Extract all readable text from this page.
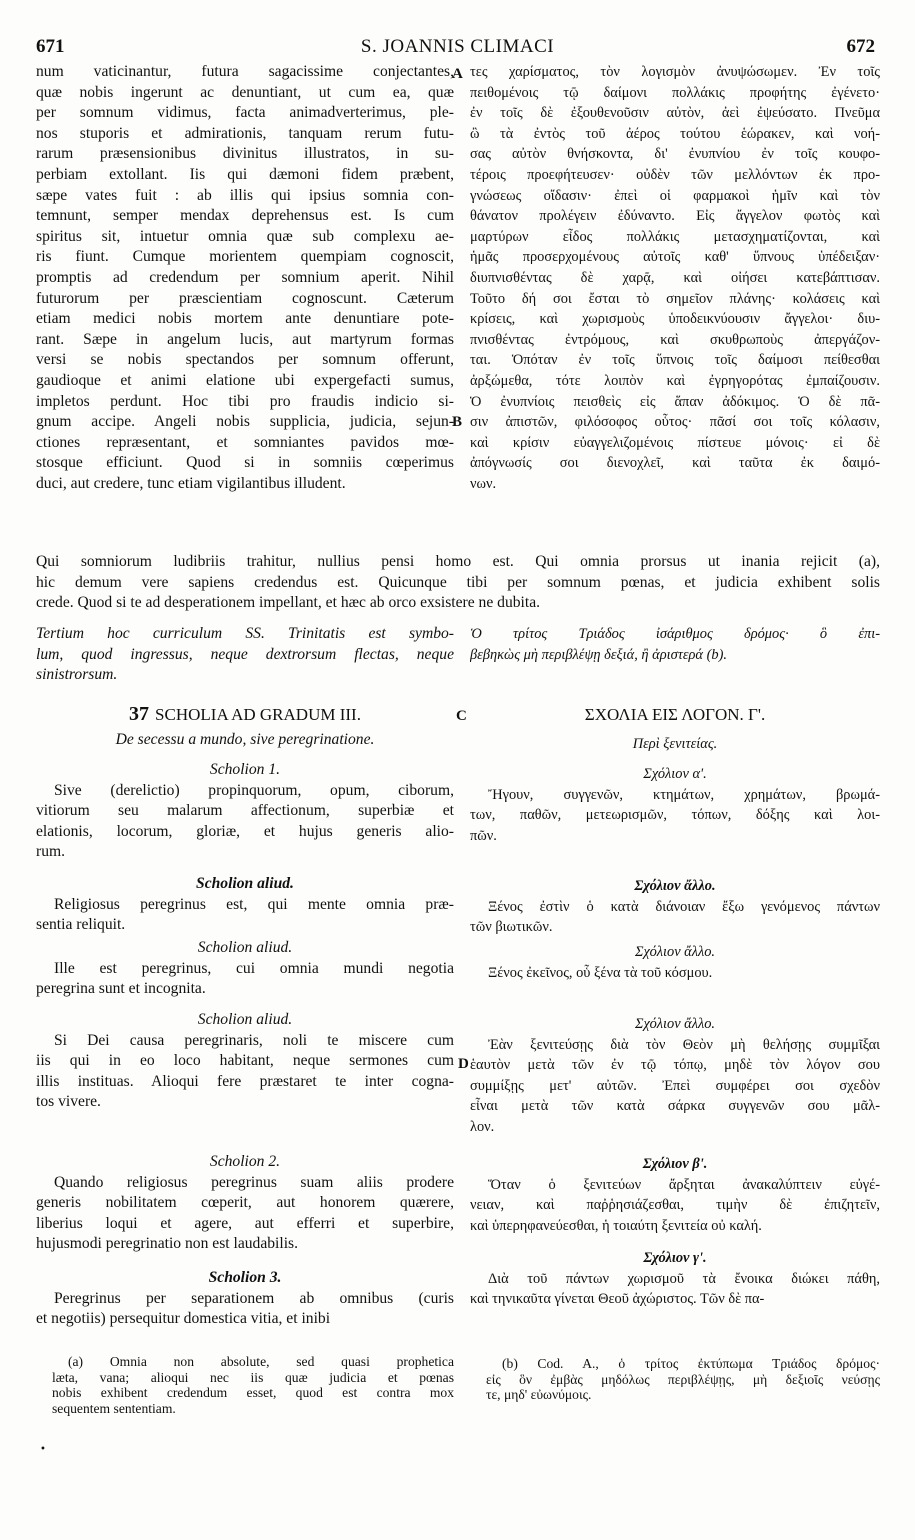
671	S. JOANNIS CLIMACI	672
num vaticinantur, futura sagacissime conjectantes,
quæ nobis ingerunt ac denuntiant, ut cum ea, quæ
per somnum vidimus, facta animadverterimus, ple-
nos stuporis et admirationis, tanquam rerum futu-
rarum præsensionibus divinitus illustratos, in su-
perbiam extollant. Iis qui dæmoni fidem præbent,
sæpe vates fuit : ab illis qui ipsius somnia con-
temnunt, semper mendax deprehensus est. Is cum
spiritus sit, intuetur omnia quæ sub complexu ae-
ris fiunt. Cumque morientem quempiam cognoscit,
promptis ad credendum per somnium aperit. Nihil
futurorum per præscientiam cognoscunt. Cæterum
etiam medici nobis mortem ante denuntiare pote-
rant. Sæpe in angelum lucis, aut martyrum formas
versi se nobis spectandos per somnum offerunt,
gaudioque et animi elatione ubi expergefacti sumus,
impletos perdunt. Hoc tibi pro fraudis indicio si-
gnum accipe. Angeli nobis supplicia, judicia, sejun-
ctiones repræsentant, et somniantes pavidos mœ-
stosque efficiunt. Quod si in somniis cœperimus
duci, aut credere, tunc etiam vigilantibus illudent.
τες χαρίσματος, τὸν λογισμὸν ἀνυψώσωμεν. Ἐν τοῖς
πειθομένοις τῷ δαίμονι πολλάκις προφήτης ἐγένετο·
ἐν τοῖς δὲ ἐξουθενοῦσιν αὐτὸν, ἀεὶ ἐψεύσατο. Πνεῦμα
ὢ τὰ ἐντὸς τοῦ ἀέρος τούτου ἑώρακεν, καὶ νοή-
σας αὐτὸν θνήσκοντα, δι' ἐνυπνίου ἐν τοῖς κουφο-
τέροις προεφήτευσεν· οὐδὲν τῶν μελλόντων ἐκ προ-
γνώσεως οἴδασιν· ἐπεὶ οἱ φαρμακοὶ ἡμῖν καὶ τὸν
θάνατον προλέγειν ἐδύναντο. Εἰς ἄγγελον φωτὸς καὶ
μαρτύρων εἶδος πολλάκις μετασχηματίζονται, καὶ
ἡμᾶς προσερχομένους αὐτοῖς καθ' ὕπνους ὑπέδειξαν·
διυπνισθέντας δὲ χαρᾷ, καὶ οἰήσει κατεβάπτισαν.
Τοῦτο δή σοι ἔσται τὸ σημεῖον πλάνης· κολάσεις καὶ
κρίσεις, καὶ χωρισμοὺς ὑποδεικνύουσιν ἄγγελοι· διυ-
πνισθέντας ἐντρόμους, καὶ σκυθρωποὺς ἀπεργάζον-
ται. Ὁπόταν ἐν τοῖς ὕπνοις τοῖς δαίμοσι πείθεσθαι
ἀρξώμεθα, τότε λοιπὸν καὶ ἐγρηγορότας ἐμπαίζουσιν.
Ὁ ἐνυπνίοις πεισθεὶς εἰς ἅπαν ἀδόκιμος. Ὁ δὲ πᾶ-
σιν ἀπιστῶν, φιλόσοφος οὗτος· πᾶσί σοι τοῖς κόλασιν,
καὶ κρίσιν εὐαγγελιζομένοις πίστευε μόνοις· εἰ δὲ
ἀπόγνωσίς σοι διενοχλεῖ, καὶ ταῦτα ἐκ δαιμό-
νων.
A
B
Qui somniorum ludibriis trahitur, nullius pensi homo est. Qui omnia prorsus ut inania rejicit (a),
hic demum vere sapiens credendus est. Quicunque tibi per somnum pœnas, et judicia exhibent solis
crede. Quod si te ad desperationem impellant, et hæc ab orco exsistere ne dubita.
Tertium hoc curriculum SS. Trinitatis est symbo-
lum, quod ingressus, neque dextrorsum flectas, neque
sinistrorsum.
Ὁ τρίτος Τριάδος ἰσάριθμος δρόμος· ὃ ἐπι-
βεβηκὼς μὴ περιβλέψῃ δεξιά, ἢ ἀριστερά (b).
37 SCHOLIA AD GRADUM III.	C	ΣΧΟΛΙΑ ΕΙΣ ΛΟΓΟΝ. Γ'.
De secessu a mundo, sive peregrinatione.	Περὶ ξενιτείας.
Scholion 1.
Sive (derelictio) propinquorum, opum, ciborum,
vitiorum seu malarum affectionum, superbiæ et
elationis, locorum, gloriæ, et hujus generis alio-
rum.
Scholion aliud.
Religiosus peregrinus est, qui mente omnia præ-
sentia reliquit.
Scholion aliud.
Ille est peregrinus, cui omnia mundi negotia
peregrina sunt et incognita.
Scholion aliud.
Si Dei causa peregrinaris, noli te miscere cum
iis qui in eo loco habitant, neque sermones cum
illis instituas. Alioqui fere præstaret te inter cogna-
tos vivere.
D
Scholion 2.
Quando religiosus peregrinus suam aliis prodere
generis nobilitatem cœperit, aut honorem quærere,
liberius loqui et agere, aut efferri et superbire,
hujusmodi peregrinatio non est laudabilis.
Scholion 3.
Peregrinus per separationem ab omnibus (curis
et negotiis) persequitur domestica vitia, et inibi
Σχόλιον α'.
Ἤγουν, συγγενῶν, κτημάτων, χρημάτων, βρωμά-
των, παθῶν, μετεωρισμῶν, τόπων, δόξης καὶ λοι-
πῶν.
Σχόλιον ἄλλο.
Ξένος ἐστὶν ὁ κατὰ διάνοιαν ἔξω γενόμενος πάντων
τῶν βιωτικῶν.
Σχόλιον ἄλλο.
Ξένος ἐκεῖνος, οὗ ξένα τὰ τοῦ κόσμου.
Σχόλιον ἄλλο.
Ἐὰν ξενιτεύσῃς διὰ τὸν Θεὸν μὴ θελήσῃς συμμῖξαι
ἑαυτὸν μετὰ τῶν ἐν τῷ τόπῳ, μηδὲ τὸν λόγον σου
συμμίξῃς μετ' αὐτῶν. Ἐπεὶ συμφέρει σοι σχεδὸν
εἶναι μετὰ τῶν κατὰ σάρκα συγγενῶν σου μᾶλ-
λον.
Σχόλιον β'.
Ὅταν ὁ ξενιτεύων ἄρξηται ἀνακαλύπτειν εὐγέ-
νειαν, καὶ παῤῥησιάζεσθαι, τιμὴν δὲ ἐπιζητεῖν,
καὶ ὑπερηφανεύεσθαι, ἡ τοιαύτη ξενιτεία οὐ καλή.
Σχόλιον γ'.
Διὰ τοῦ πάντων χωρισμοῦ τὰ ἔνοικα διώκει πάθη,
καὶ τηνικαῦτα γίνεται Θεοῦ ἀχώριστος. Τῶν δὲ πα-
(a) Omnia non absolute, sed quasi prophetica
læta, vana; alioqui nec iis quæ judicia et pœnas
nobis exhibent credendum esset, quod est contra mox
sequentem sententiam.
(b) Cod. A., ὁ τρίτος ἐκτύπωμα Τριάδος δρόμος·
εἰς ὃν ἐμβὰς μηδόλως περιβλέψῃς, μὴ δεξιοῖς νεύσῃς
τε, μηδ' εὐωνύμοις.
•
